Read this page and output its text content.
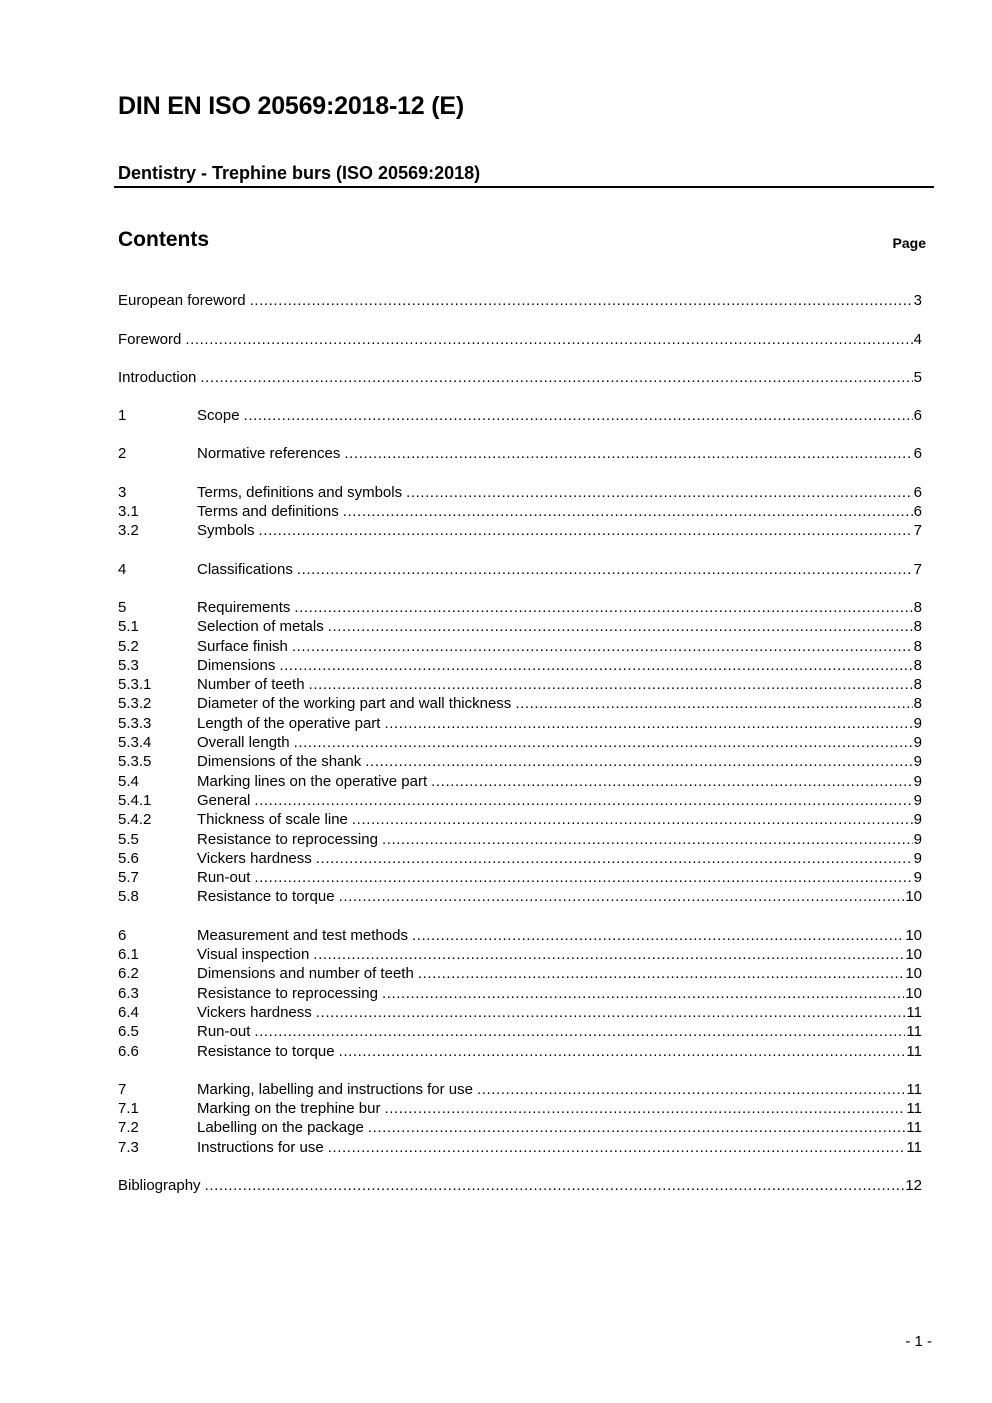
DIN EN ISO 20569:2018-12 (E)
Dentistry - Trephine burs (ISO 20569:2018)
Contents	Page
European foreword .....	3
Foreword .....	4
Introduction .....	5
1	Scope .....	6
2	Normative references .....	6
3	Terms, definitions and symbols .....	6
3.1	Terms and definitions .....	6
3.2	Symbols .....	7
4	Classifications .....	7
5	Requirements .....	8
5.1	Selection of metals .....	8
5.2	Surface finish .....	8
5.3	Dimensions .....	8
5.3.1	Number of teeth .....	8
5.3.2	Diameter of the working part and wall thickness .....	8
5.3.3	Length of the operative part .....	9
5.3.4	Overall length .....	9
5.3.5	Dimensions of the shank .....	9
5.4	Marking lines on the operative part .....	9
5.4.1	General .....	9
5.4.2	Thickness of scale line .....	9
5.5	Resistance to reprocessing .....	9
5.6	Vickers hardness .....	9
5.7	Run-out .....	9
5.8	Resistance to torque .....	10
6	Measurement and test methods .....	10
6.1	Visual inspection .....	10
6.2	Dimensions and number of teeth .....	10
6.3	Resistance to reprocessing .....	10
6.4	Vickers hardness .....	11
6.5	Run-out .....	11
6.6	Resistance to torque .....	11
7	Marking, labelling and instructions for use .....	11
7.1	Marking on the trephine bur .....	11
7.2	Labelling on the package .....	11
7.3	Instructions for use .....	11
Bibliography .....	12
- 1 -
